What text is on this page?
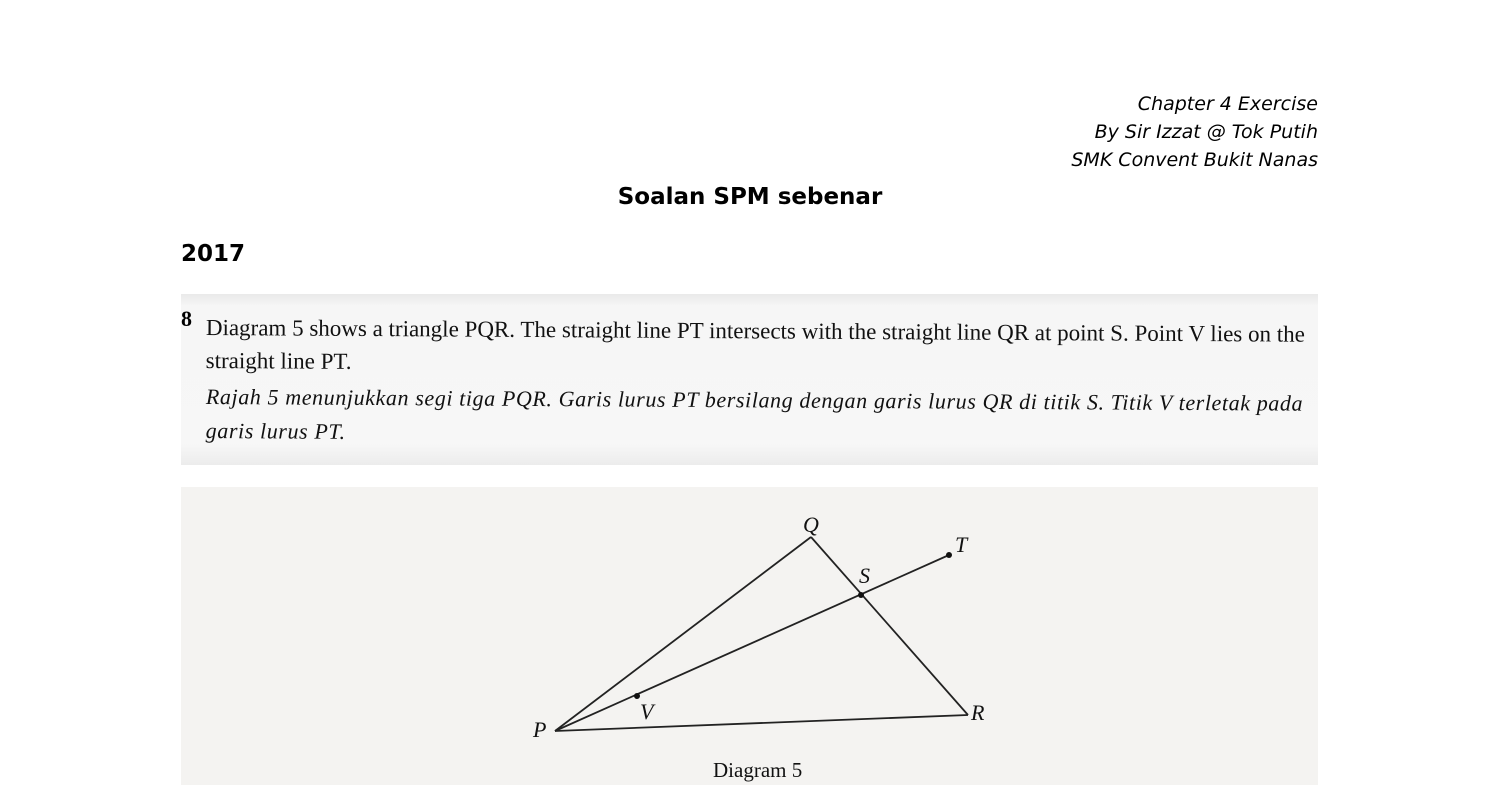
Chapter 4 Exercise
By Sir Izzat @ Tok Putih
SMK Convent Bukit Nanas
Soalan SPM sebenar
2017
8 Diagram 5 shows a triangle PQR. The straight line PT intersects with the straight line QR at point S. Point V lies on the straight line PT.
Rajah 5 menunjukkan segi tiga PQR. Garis lurus PT bersilang dengan garis lurus QR di titik S. Titik V terletak pada garis lurus PT.
Q
T
S
V	R
P
Diagram 5
